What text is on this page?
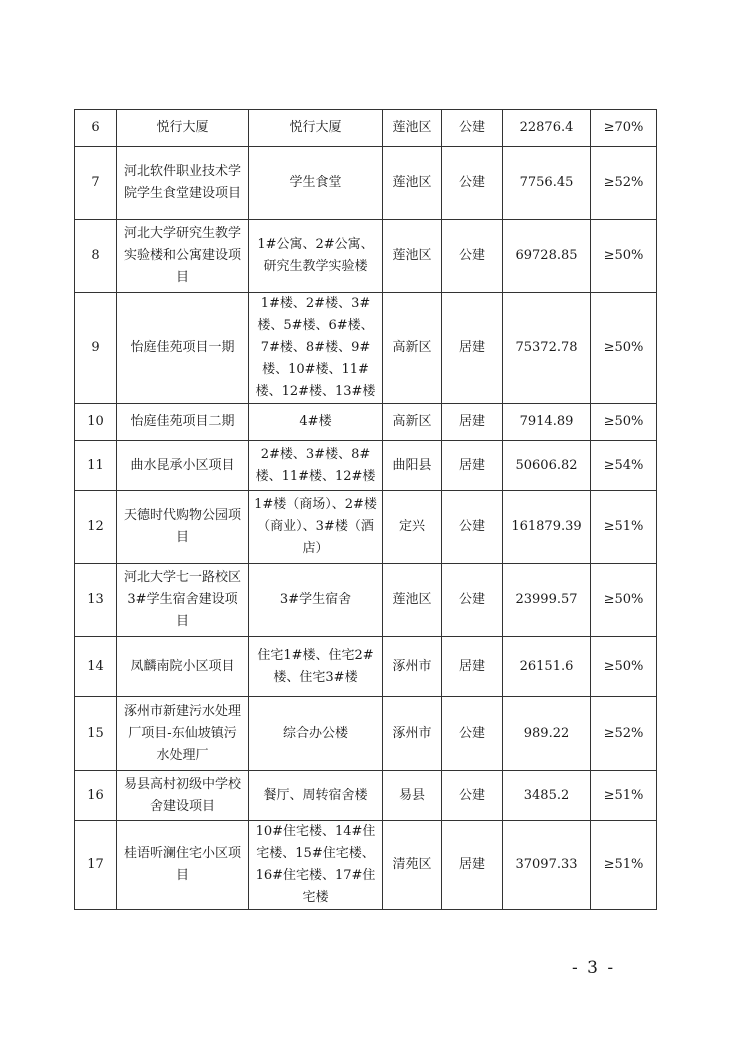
6	悦行大厦	悦行大厦	莲池区	公建	22876.4	≥70%
7	河北软件职业技术学院学生食堂建设项目	学生食堂	莲池区	公建	7756.45	≥52%
8	河北大学研究生教学实验楼和公寓建设项目	1#公寓、2#公寓、研究生教学实验楼	莲池区	公建	69728.85	≥50%
9	怡庭佳苑项目一期	1#楼、2#楼、3#楼、5#楼、6#楼、7#楼、8#楼、9#楼、10#楼、11#楼、12#楼、13#楼	高新区	居建	75372.78	≥50%
10	怡庭佳苑项目二期	4#楼	高新区	居建	7914.89	≥50%
11	曲水昆承小区项目	2#楼、3#楼、8#楼、11#楼、12#楼	曲阳县	居建	50606.82	≥54%
12	天德时代购物公园项目	1#楼（商场）、2#楼（商业）、3#楼（酒店）	定兴	公建	161879.39	≥51%
13	河北大学七一路校区3#学生宿舍建设项目	3#学生宿舍	莲池区	公建	23999.57	≥50%
14	凤麟南院小区项目	住宅1#楼、住宅2#楼、住宅3#楼	涿州市	居建	26151.6	≥50%
15	涿州市新建污水处理厂项目-东仙坡镇污水处理厂	综合办公楼	涿州市	公建	989.22	≥52%
16	易县高村初级中学校舍建设项目	餐厅、周转宿舍楼	易县	公建	3485.2	≥51%
17	桂语听澜住宅小区项目	10#住宅楼、14#住宅楼、15#住宅楼、16#住宅楼、17#住宅楼	清苑区	居建	37097.33	≥51%
- 3 -
